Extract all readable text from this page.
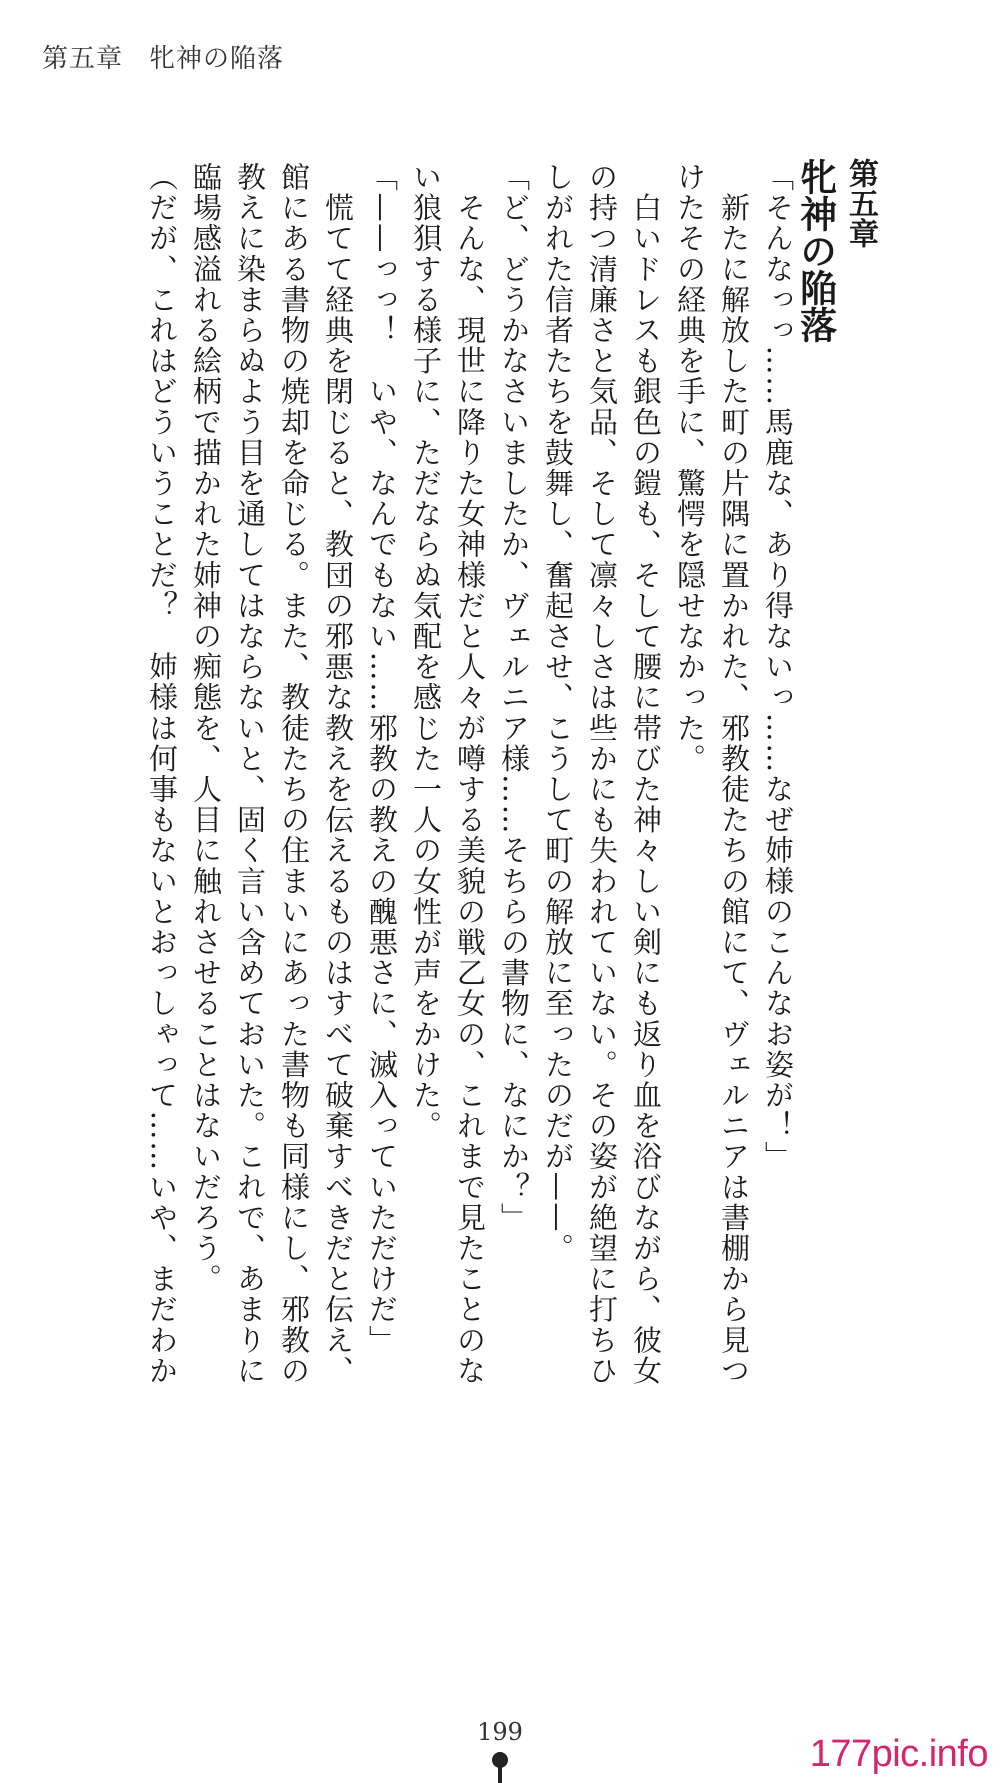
第五章 牝神の陥落
第五章
牝神の陥落

「そんなっっ……馬鹿な、あり得ないっ……なぜ姉様のこんなお姿が！」

　新たに解放した町の片隅に置かれた、邪教徒たちの館にて、ヴェルニアは書棚から見つ

けたその経典を手に、驚愕を隠せなかった。

　白いドレスも銀色の鎧も、そして腰に帯びた神々しい剣にも返り血を浴びながら、彼女

の持つ清廉さと気品、そして凛々しさは些かにも失われていない。その姿が絶望に打ちひ

しがれた信者たちを鼓舞し、奮起させ、こうして町の解放に至ったのだが——。

「ど、どうかなさいましたか、ヴェルニア様……そちらの書物に、なにか？」

　そんな、現世に降りた女神様だと人々が噂する美貌の戦乙女の、これまで見たことのな

い狼狽する様子に、ただならぬ気配を感じた一人の女性が声をかけた。

「——っっ！　いや、なんでもない……邪教の教えの醜悪さに、滅入っていただけだ」

　慌てて経典を閉じると、教団の邪悪な教えを伝えるものはすべて破棄すべきだと伝え、

館にある書物の焼却を命じる。また、教徒たちの住まいにあった書物も同様にし、邪教の

教えに染まらぬよう目を通してはならないと、固く言い含めておいた。これで、あまりに

臨場感溢れる絵柄で描かれた姉神の痴態を、人目に触れさせることはないだろう。

（だが、これはどういうことだ？　姉様は何事もないとおっしゃって……いや、まだわか

199
177pic.info
